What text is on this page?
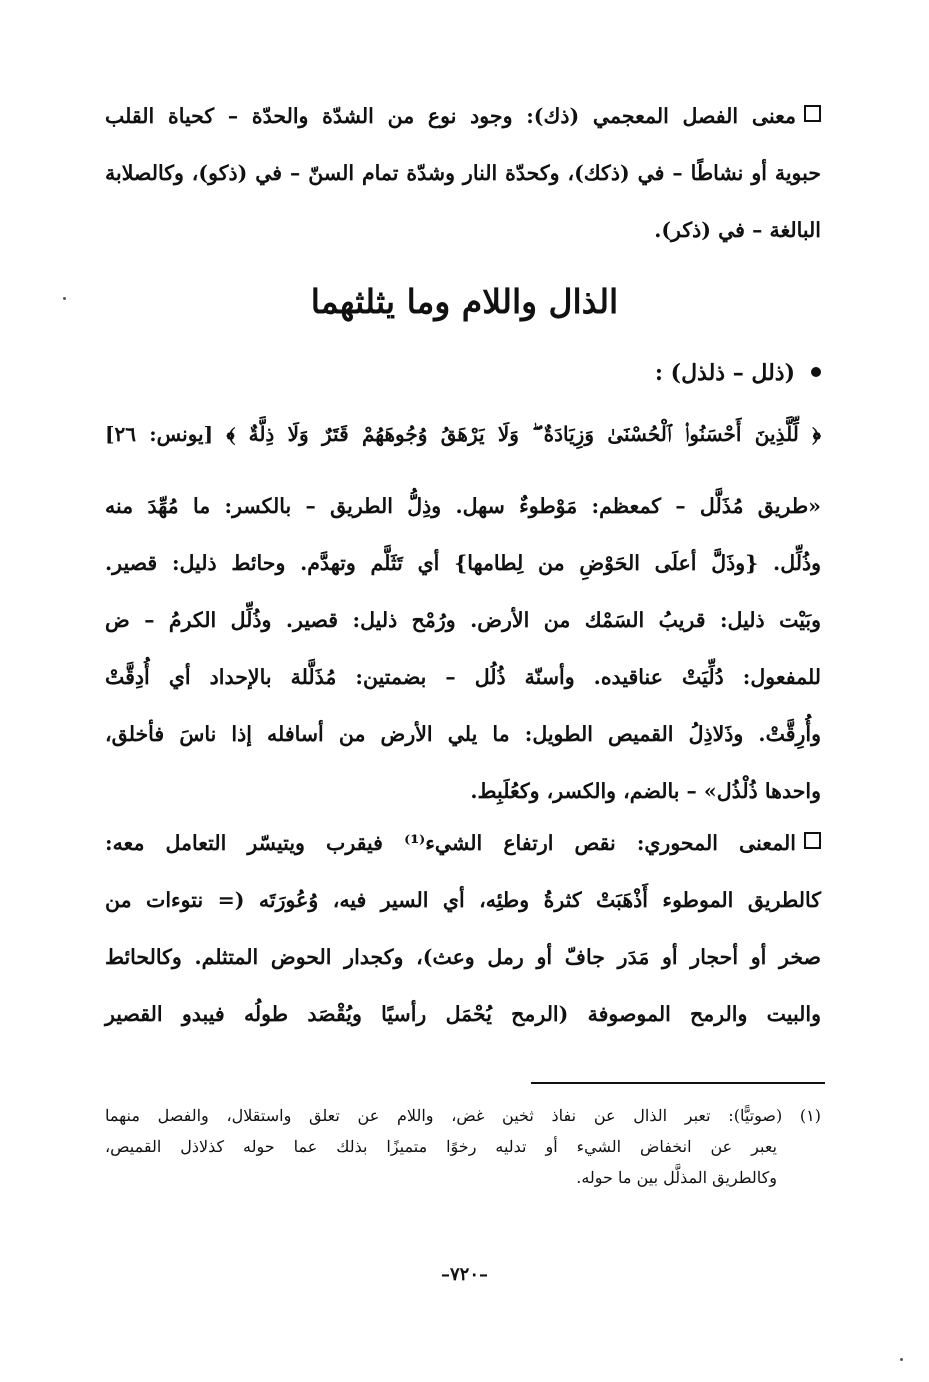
معنى الفصل المعجمي (ذك): وجود نوع من الشدّة والحدّة – كحياة القلب
حبوية أو نشاطًا – في (ذكك)، وكحدّة النار وشدّة تمام السنّ – في (ذكو)، وكالصلابة
البالغة – في (ذكر).
الذال واللام وما يثلثهما
(ذلل – ذلذل) :
﴿ لِّلَّذِينَ أَحْسَنُوا۟ ٱلْحُسْنَىٰ وَزِيَادَةٌ ۖ وَلَا يَرْهَقُ وُجُوهَهُمْ قَتَرٌ وَلَا ذِلَّةٌ ﴾ [يونس: ٢٦]
«طريق مُذَلَّل – كمعظم: مَوْطوءٌ سهل. وذِلُّ الطريق – بالكسر: ما مُهِّدَ منه
وذُلِّل. {وذَلَّ أعلَى الحَوْضِ من لِطامها} أي تَثَلَّم وتهدَّم. وحائط ذليل: قصير.
وبَيْت ذليل: قريبُ السَمْك من الأرض. ورُمْح ذليل: قصير. وذُلِّل الكرمُ – ض
للمفعول: دُلِّيَتْ عناقيده. وأسنّة ذُلُل – بضمتين: مُذَلَّلة بالإحداد أي أُدِقَّتْ
وأُرِقَّتْ. وذَلاذِلُ القميص الطويل: ما يلي الأرض من أسافله إذا ناسَ فأخلق،
واحدها ذُلْذُل» – بالضم، والكسر، وكعُلَبِط.
المعنى المحوري: نقص ارتفاع الشيء⁽¹⁾ فيقرب ويتيسّر التعامل معه:
كالطريق الموطوء أَذْهَبَتْ كثرةُ وطئِه، أي السير فيه، وُعُورَتَه (= نتوءات من
صخر أو أحجار أو مَدَر جافّ أو رمل وعث)، وكجدار الحوض المتثلم. وكالحائط
والبيت والرمح الموصوفة (الرمح يُحْمَل رأسيًا ويُقْصَد طولُه فيبدو القصير
(١) (صوتيًّا): تعبر الذال عن نفاذ ثخين غض، واللام عن تعلق واستقلال، والفصل منهما
يعبر عن انخفاض الشيء أو تدليه رخوًا متميزًا بذلك عما حوله كذلاذل القميص،
وكالطريق المذلَّل بين ما حوله.
–٧٢٠–
